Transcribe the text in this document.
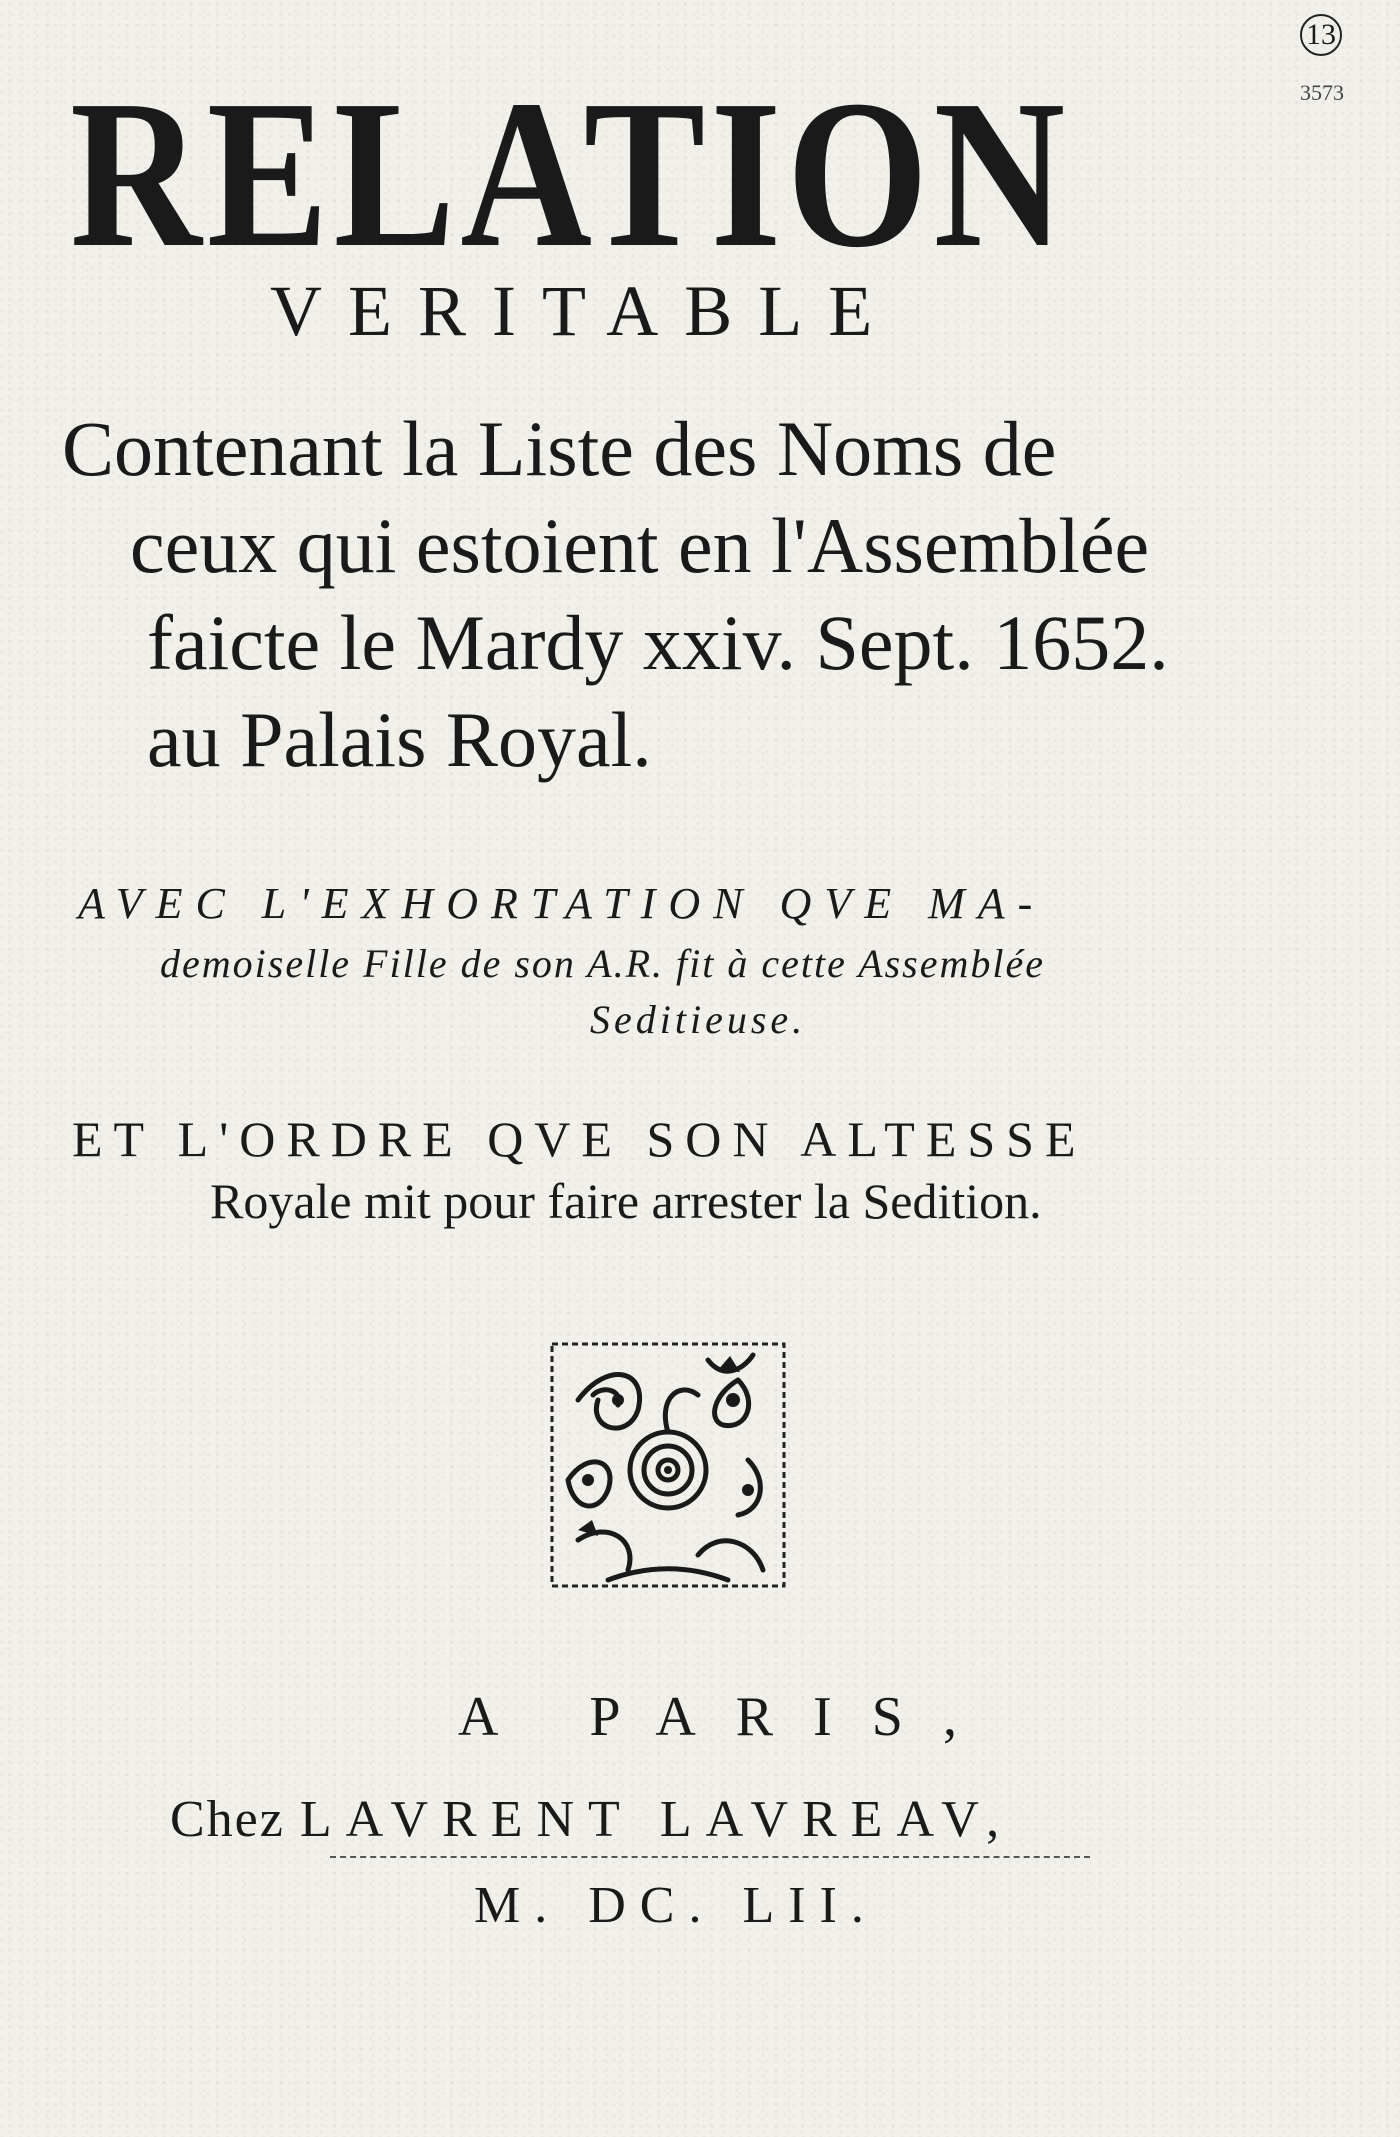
13
3573
RELATION
VERITABLE
Contenant la Liste des Noms de
ceux qui estoient en l'Assemblée
faicte le Mardy xxiv. Sept. 1652.
au Palais Royal.
AVEC L'EXHORTATION QVE MA-
demoiselle Fille de son A.R. fit à cette Assemblée
Seditieuse.
ET L'ORDRE QVE SON ALTESSE
Royale mit pour faire arrester la Sedition.
A PARIS,
Chez LAVRENT LAVREAV,
M. DC. LII.
